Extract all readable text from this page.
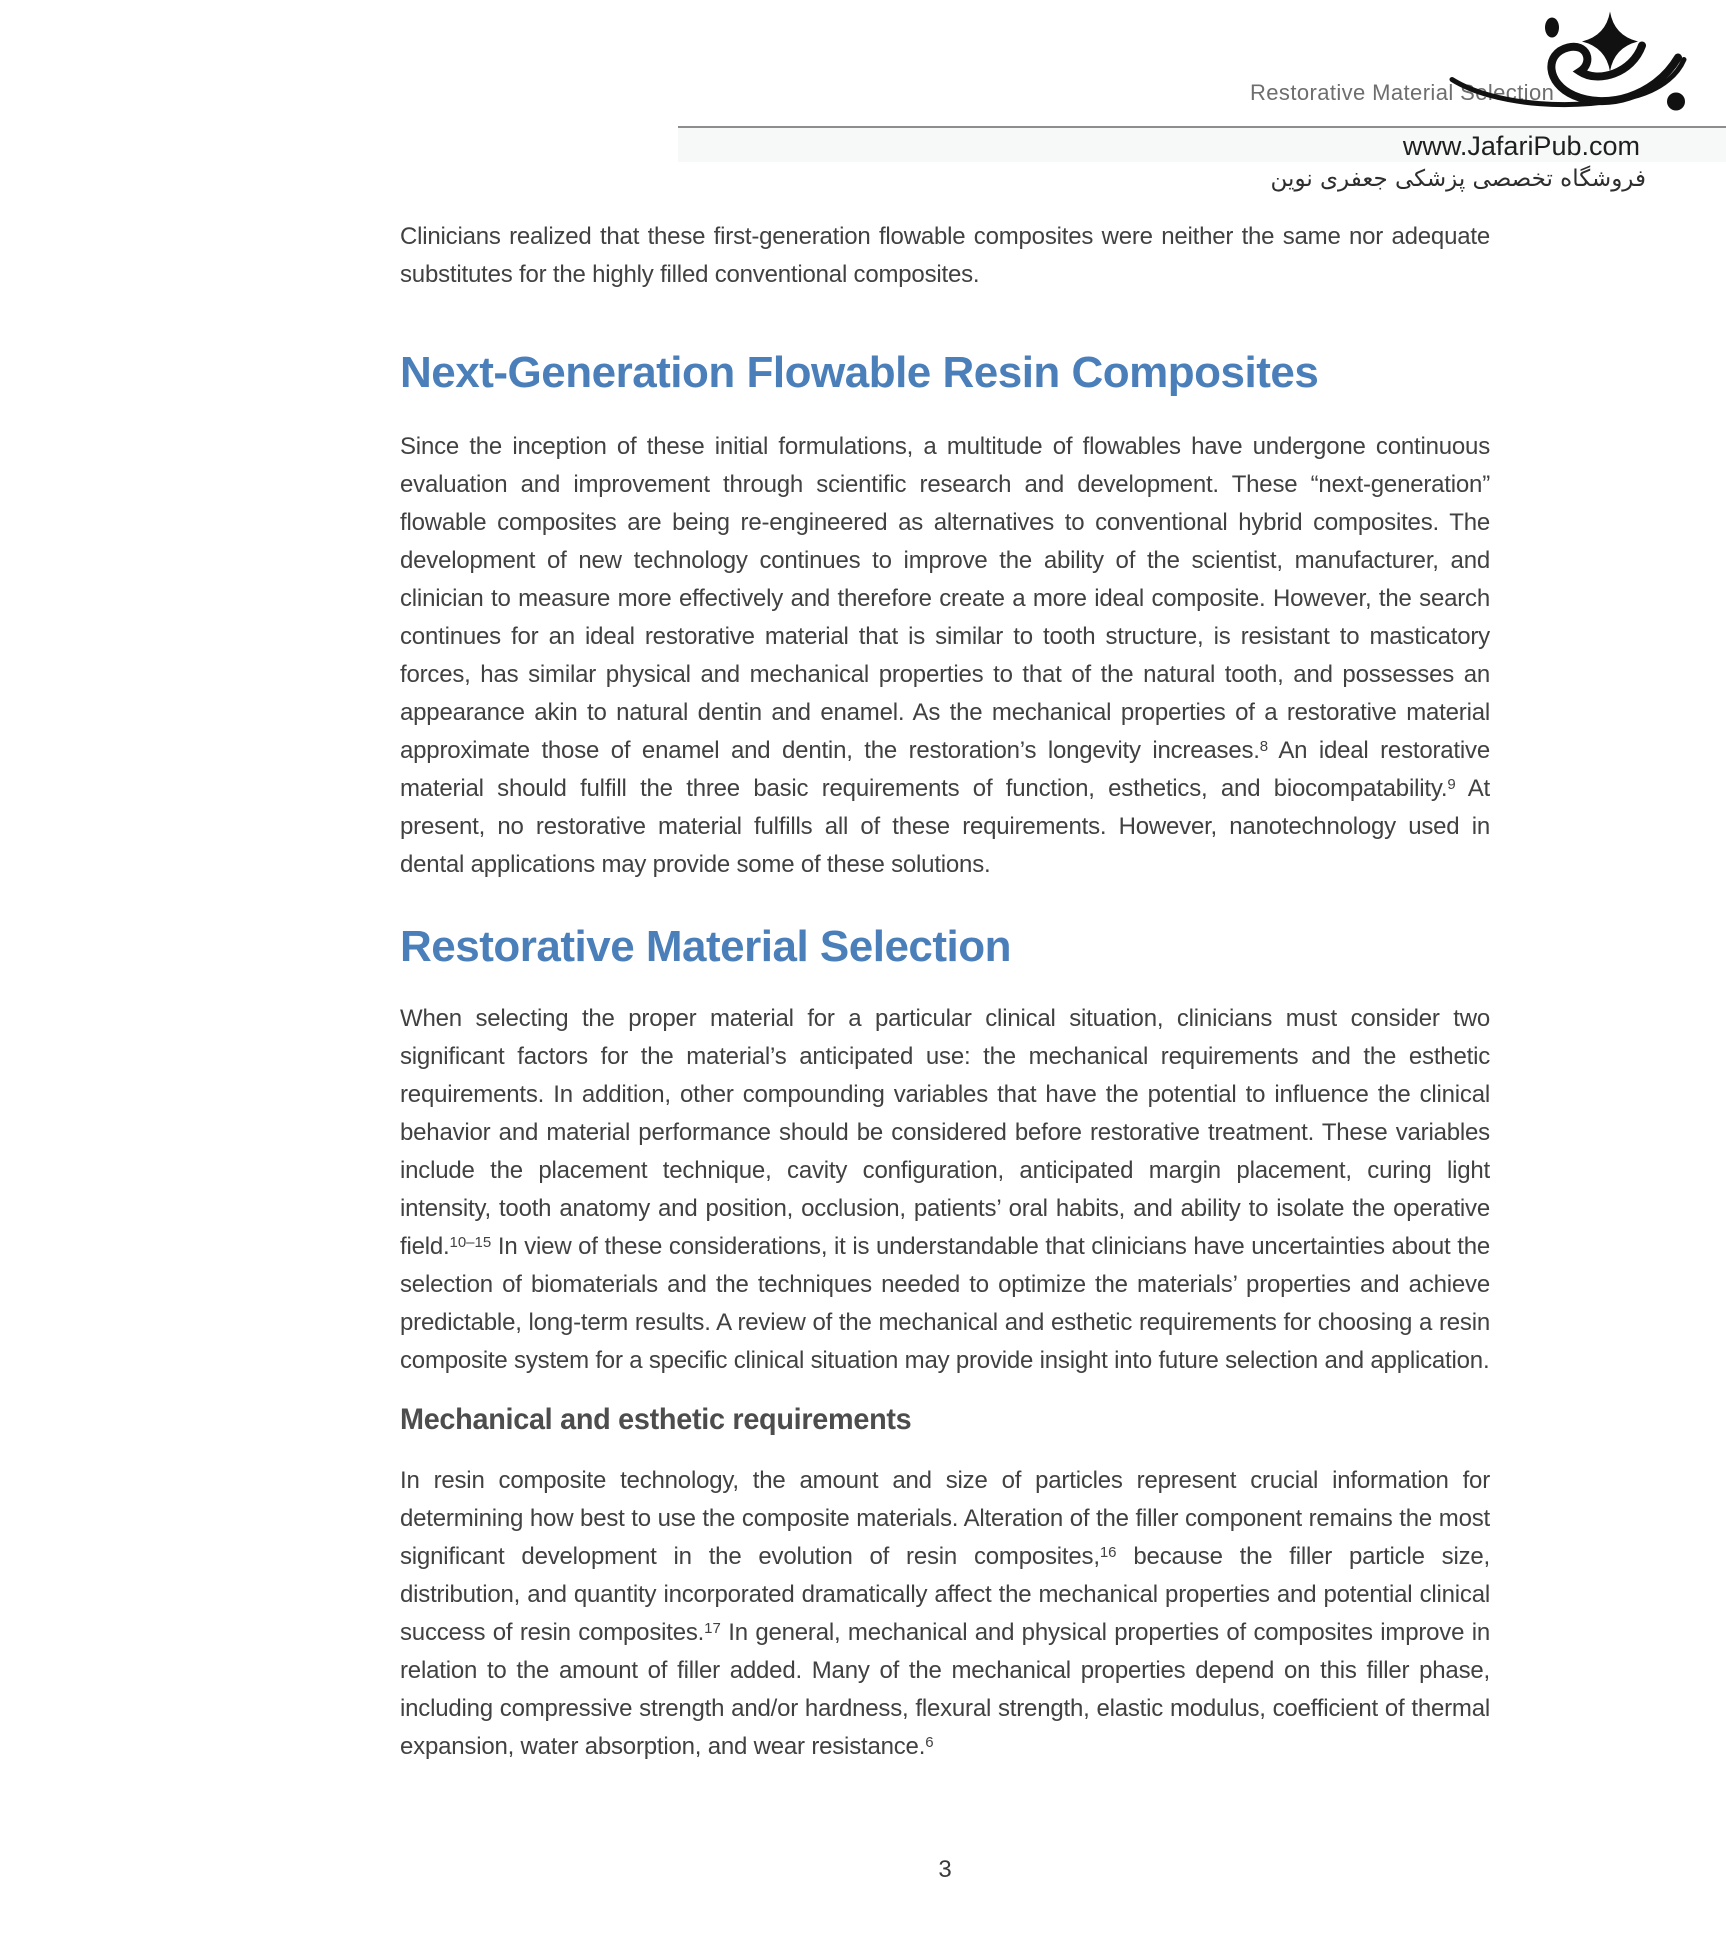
Restorative Material Selection
www.JafariPub.com
فروشگاه تخصصی پزشکی جعفری نوین

Clinicians realized that these first-generation flowable composites were neither the same nor adequate substitutes for the highly filled conventional composites.

Next-Generation Flowable Resin Composites

Since the inception of these initial formulations, a multitude of flowables have undergone continuous evaluation and improvement through scientific research and development. These “next-generation” flowable composites are being re-engineered as alternatives to conventional hybrid composites. The development of new technology continues to improve the ability of the scientist, manufacturer, and clinician to measure more effectively and therefore create a more ideal composite. However, the search continues for an ideal restorative material that is similar to tooth structure, is resistant to masticatory forces, has similar physical and mechanical properties to that of the natural tooth, and possesses an appearance akin to natural dentin and enamel. As the mechanical properties of a restorative material approximate those of enamel and dentin, the restoration’s longevity increases.$^8$ An ideal restorative material should fulfill the three basic requirements of function, esthetics, and biocompatability.$^9$ At present, no restorative material fulfills all of these requirements. However, nanotechnology used in dental applications may provide some of these solutions.

Restorative Material Selection

When selecting the proper material for a particular clinical situation, clinicians must consider two significant factors for the material’s anticipated use: the mechanical requirements and the esthetic requirements. In addition, other compounding variables that have the potential to influence the clinical behavior and material performance should be considered before restorative treatment. These variables include the placement technique, cavity configuration, anticipated margin placement, curing light intensity, tooth anatomy and position, occlusion, patients’ oral habits, and ability to isolate the operative field.$^{10-15}$ In view of these considerations, it is understandable that clinicians have uncertainties about the selection of biomaterials and the techniques needed to optimize the materials’ properties and achieve predictable, long-term results. A review of the mechanical and esthetic requirements for choosing a resin composite system for a specific clinical situation may provide insight into future selection and application.

Mechanical and esthetic requirements

In resin composite technology, the amount and size of particles represent crucial information for determining how best to use the composite materials. Alteration of the filler component remains the most significant development in the evolution of resin composites,$^{16}$ because the filler particle size, distribution, and quantity incorporated dramatically affect the mechanical properties and potential clinical success of resin composites.$^{17}$ In general, mechanical and physical properties of composites improve in relation to the amount of filler added. Many of the mechanical properties depend on this filler phase, including compressive strength and/or hardness, flexural strength, elastic modulus, coefficient of thermal expansion, water absorption, and wear resistance.$^6$

3
